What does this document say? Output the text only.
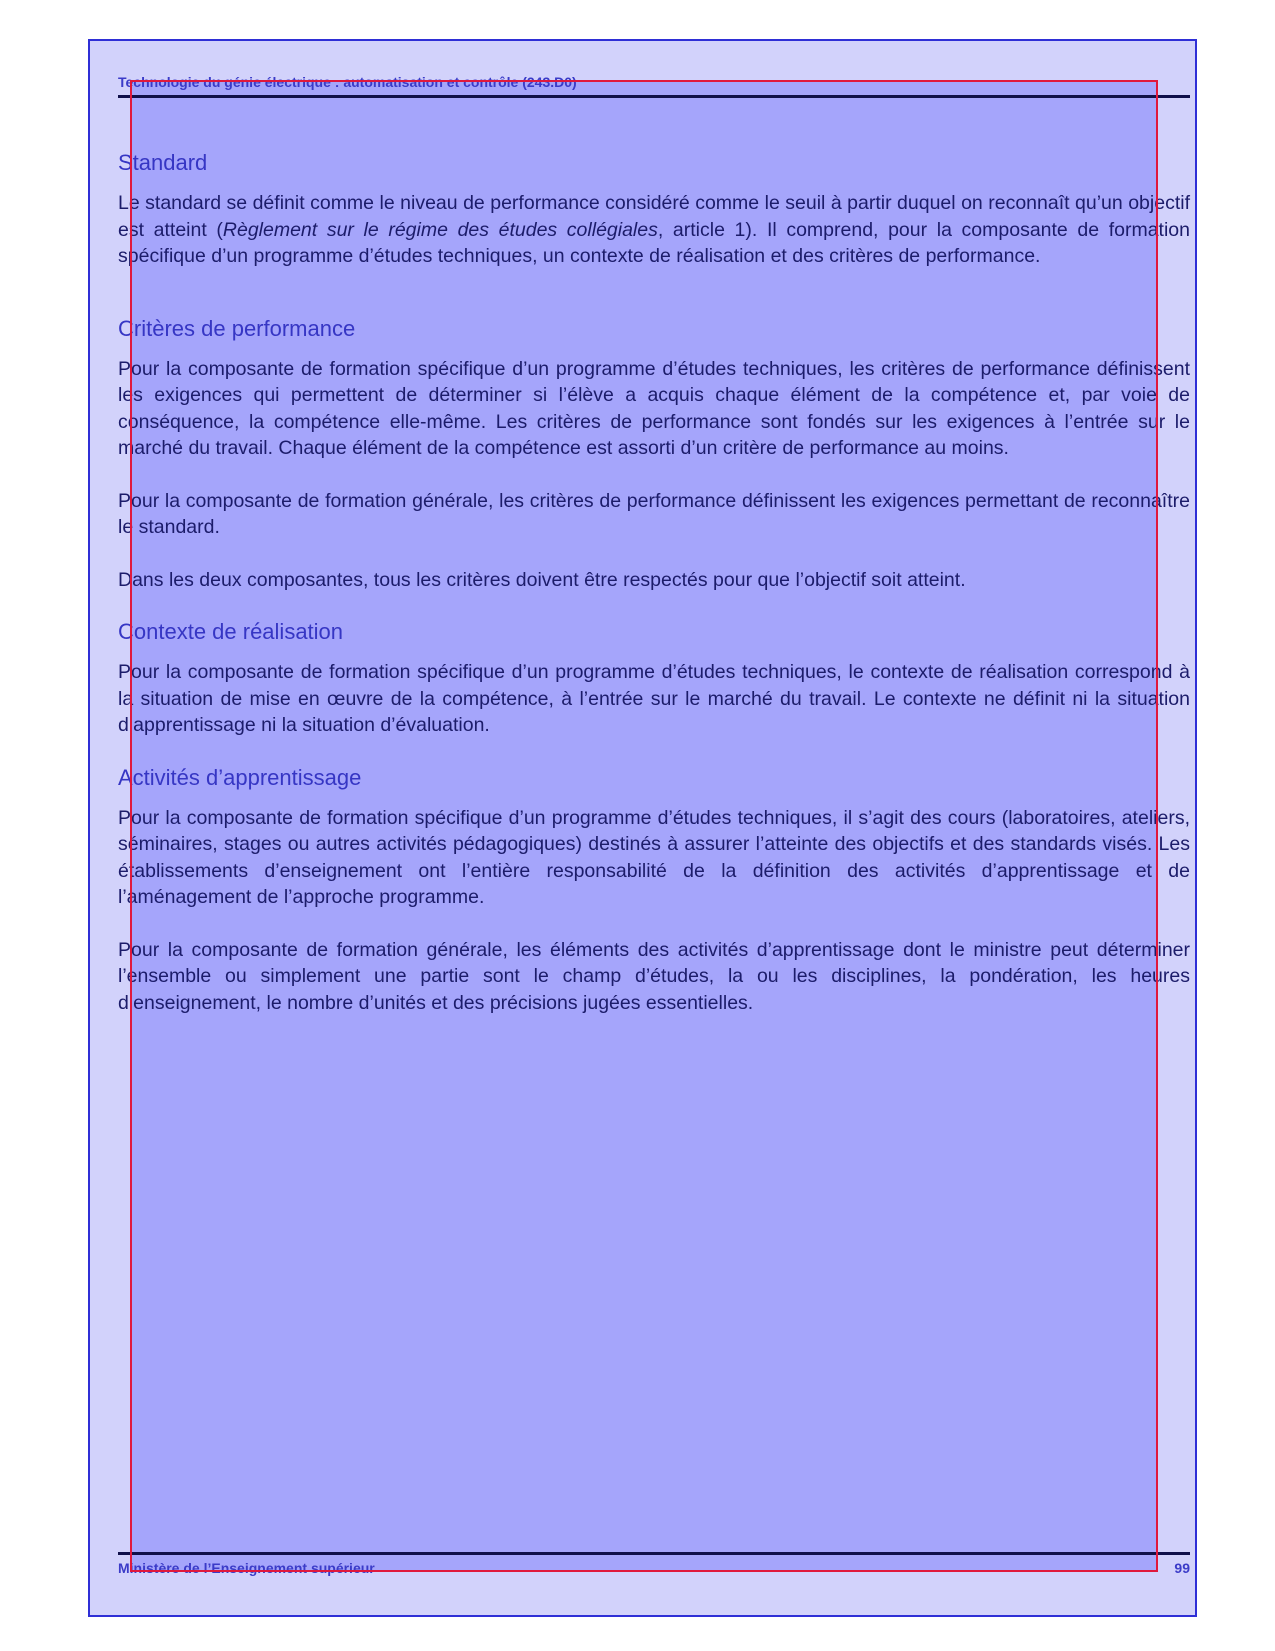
Technologie du génie électrique : automatisation et contrôle (243.D0)
Standard

Le standard se définit comme le niveau de performance considéré comme le seuil à partir duquel on reconnaît qu’un objectif est atteint (Règlement sur le régime des études collégiales, article 1). Il comprend, pour la composante de formation spécifique d’un programme d’études techniques, un contexte de réalisation et des critères de performance.

Critères de performance

Pour la composante de formation spécifique d’un programme d’études techniques, les critères de performance définissent les exigences qui permettent de déterminer si l’élève a acquis chaque élément de la compétence et, par voie de conséquence, la compétence elle-même. Les critères de performance sont fondés sur les exigences à l’entrée sur le marché du travail. Chaque élément de la compétence est assorti d’un critère de performance au moins.

Pour la composante de formation générale, les critères de performance définissent les exigences permettant de reconnaître le standard.

Dans les deux composantes, tous les critères doivent être respectés pour que l’objectif soit atteint.

Contexte de réalisation

Pour la composante de formation spécifique d’un programme d’études techniques, le contexte de réalisation correspond à la situation de mise en œuvre de la compétence, à l’entrée sur le marché du travail. Le contexte ne définit ni la situation d’apprentissage ni la situation d’évaluation.

Activités d’apprentissage

Pour la composante de formation spécifique d’un programme d’études techniques, il s’agit des cours (laboratoires, ateliers, séminaires, stages ou autres activités pédagogiques) destinés à assurer l’atteinte des objectifs et des standards visés. Les établissements d’enseignement ont l’entière responsabilité de la définition des activités d’apprentissage et de l’aménagement de l’approche programme.

Pour la composante de formation générale, les éléments des activités d’apprentissage dont le ministre peut déterminer l’ensemble ou simplement une partie sont le champ d’études, la ou les disciplines, la pondération, les heures d’enseignement, le nombre d’unités et des précisions jugées essentielles.

Ministère de l’Enseignement supérieur	99
